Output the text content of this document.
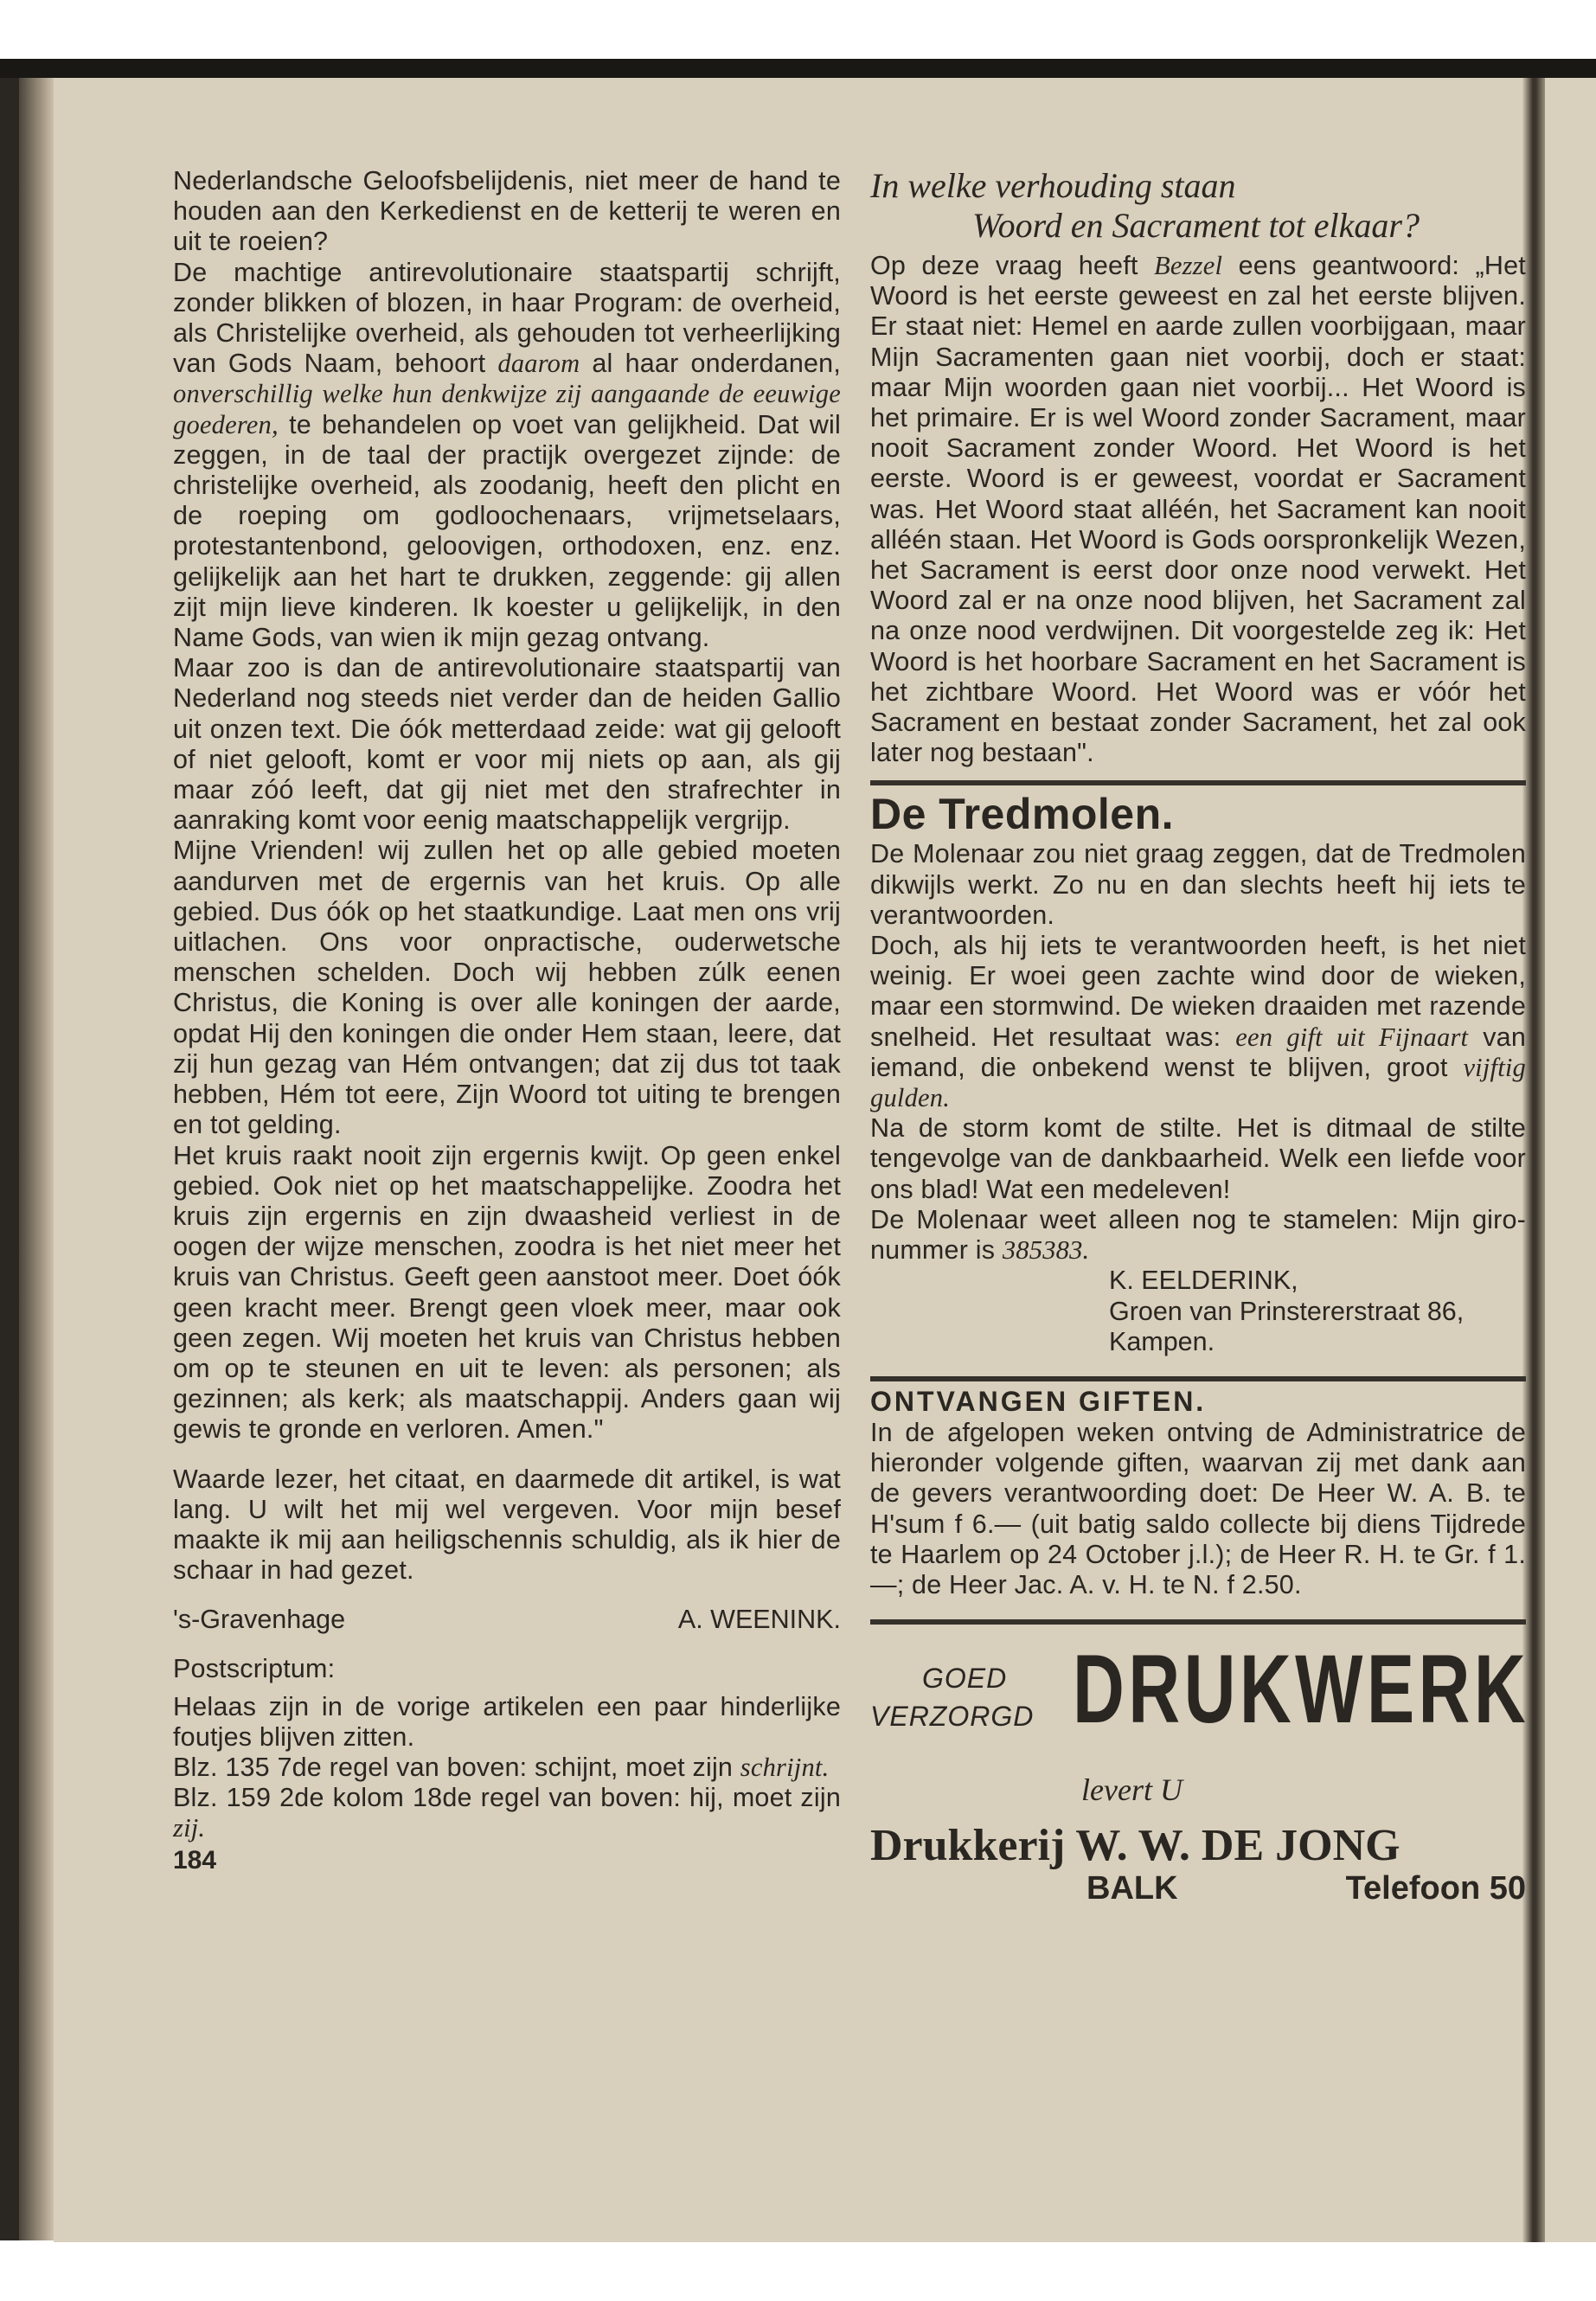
Nederlandsche Geloofsbelijdenis, niet meer de hand te houden aan den Kerkedienst en de ketterij te weren en uit te roeien?

De machtige antirevolutionaire staatspartij schrijft, zonder blikken of blozen, in haar Program: de overheid, als Christelijke overheid, als gehouden tot verheerlijking van Gods Naam, behoort daarom al haar onderdanen, onverschillig welke hun denkwijze zij aangaande de eeuwige goederen, te behandelen op voet van gelijkheid. Dat wil zeggen, in de taal der practijk overgezet zijnde: de christelijke overheid, als zoodanig, heeft den plicht en de roeping om godloochenaars, vrijmetselaars, protestantenbond, geloovigen, orthodoxen, enz. enz. gelijkelijk aan het hart te drukken, zeggende: gij allen zijt mijn lieve kinderen. Ik koester u gelijkelijk, in den Name Gods, van wien ik mijn gezag ontvang.

Maar zoo is dan de antirevolutionaire staatspartij van Nederland nog steeds niet verder dan de heiden Gallio uit onzen text. Die óók metterdaad zeide: wat gij gelooft of niet gelooft, komt er voor mij niets op aan, als gij maar zóó leeft, dat gij niet met den strafrechter in aanraking komt voor eenig maatschappelijk vergrijp.

Mijne Vrienden! wij zullen het op alle gebied moeten aandurven met de ergernis van het kruis. Op alle gebied. Dus óók op het staatkundige. Laat men ons vrij uitlachen. Ons voor onpractische, ouderwetsche menschen schelden. Doch wij hebben zúlk eenen Christus, die Koning is over alle koningen der aarde, opdat Hij den koningen die onder Hem staan, leere, dat zij hun gezag van Hém ontvangen; dat zij dus tot taak hebben, Hém tot eere, Zijn Woord tot uiting te brengen en tot gelding.

Het kruis raakt nooit zijn ergernis kwijt. Op geen enkel gebied. Ook niet op het maatschappelijke. Zoodra het kruis zijn ergernis en zijn dwaasheid verliest in de oogen der wijze menschen, zoodra is het niet meer het kruis van Christus. Geeft geen aanstoot meer. Doet óók geen kracht meer. Brengt geen vloek meer, maar ook geen zegen. Wij moeten het kruis van Christus hebben om op te steunen en uit te leven: als personen; als gezinnen; als kerk; als maatschappij. Anders gaan wij gewis te gronde en verloren. Amen."

Waarde lezer, het citaat, en daarmede dit artikel, is wat lang. U wilt het mij wel vergeven. Voor mijn besef maakte ik mij aan heiligschennis schuldig, als ik hier de schaar in had gezet.

's-Gravenhage	A. WEENINK.

Postscriptum:

Helaas zijn in de vorige artikelen een paar hinderlijke foutjes blijven zitten.

Blz. 135 7de regel van boven: schijnt, moet zijn schrijnt.

Blz. 159 2de kolom 18de regel van boven: hij, moet zijn zij.

184

In welke verhouding staan

Woord en Sacrament tot elkaar?

Op deze vraag heeft Bezzel eens geantwoord: „Het Woord is het eerste geweest en zal het eerste blijven. Er staat niet: Hemel en aarde zullen voorbijgaan, maar Mijn Sacramenten gaan niet voorbij, doch er staat: maar Mijn woorden gaan niet voorbij... Het Woord is het primaire. Er is wel Woord zonder Sacrament, maar nooit Sacrament zonder Woord. Het Woord is het eerste. Woord is er geweest, voordat er Sacrament was. Het Woord staat alléén, het Sacrament kan nooit alléén staan. Het Woord is Gods oorspronkelijk Wezen, het Sacrament is eerst door onze nood verwekt. Het Woord zal er na onze nood blijven, het Sacrament zal na onze nood verdwijnen. Dit voorgestelde zeg ik: Het Woord is het hoorbare Sacrament en het Sacrament is het zichtbare Woord. Het Woord was er vóór het Sacrament en bestaat zonder Sacrament, het zal ook later nog bestaan".

De Tredmolen.

De Molenaar zou niet graag zeggen, dat de Tredmolen dikwijls werkt. Zo nu en dan slechts heeft hij iets te verantwoorden.

Doch, als hij iets te verantwoorden heeft, is het niet weinig. Er woei geen zachte wind door de wieken, maar een stormwind. De wieken draaiden met razende snelheid. Het resultaat was: een gift uit Fijnaart van iemand, die onbekend wenst te blijven, groot vijftig gulden.

Na de storm komt de stilte. Het is ditmaal de stilte tengevolge van de dankbaarheid. Welk een liefde voor ons blad! Wat een medeleven!

De Molenaar weet alleen nog te stamelen: Mijn giro-nummer is 385383.

K. EELDERINK,
Groen van Prinstererstraat 86,
Kampen.

ONTVANGEN GIFTEN.

In de afgelopen weken ontving de Administratrice de hieronder volgende giften, waarvan zij met dank aan de gevers verantwoording doet: De Heer W. A. B. te H'sum f 6.— (uit batig saldo collecte bij diens Tijdrede te Haarlem op 24 October j.l.); de Heer R. H. te Gr. f 1.—; de Heer Jac. A. v. H. te N. f 2.50.

GOED
VERZORGD DRUKWERK
levert U
Drukkerij W. W. DE JONG
BALK	Telefoon 50
